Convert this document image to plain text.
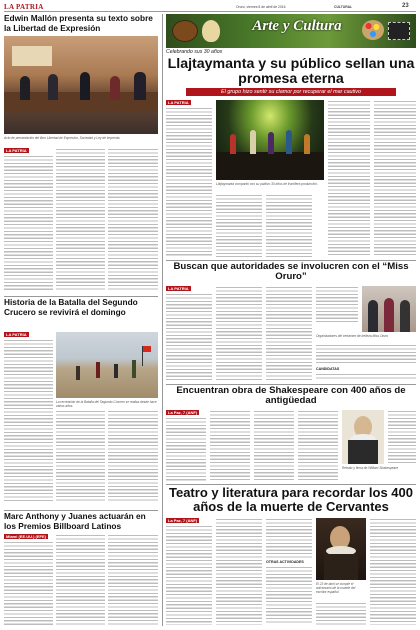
LA PATRIA	Oruro, viernes 8 de abril de 2016	CULTURAL	23
Edwin Mallón presenta su texto sobre la Libertad de Expresión
Acto de presentación del libro Libertad de Expresión, Sociedad y Ley de Imprenta.
LA PATRIA
Historia de la Batalla del Segundo Crucero se revivirá el domingo
LA PATRIA
La recreación de la Batalla del Segundo Crucero se realiza desde hace varios años.
Marc Anthony y Juanes actuarán en los Premios Billboard Latinos
Miami (EE.UU.) (EFE)
Arte y Cultura
Celebrando sus 30 años
Llajtaymanta y su público sellan una promesa eterna
El grupo hizo sentir su clamor por recuperar el mar cautivo
LA PATRIA
Llajtaymanta compartió con su público 30 años de fructífera producción.
Buscan que autoridades se involucren con el “Miss Oruro”
LA PATRIA
Organizadores del certamen de belleza Miss Oruro
CANDIDATAS
Encuentran obra de Shakespeare con 400 años de antigüedad
La Paz, 7 (ANF)
Retrato y firma de William Shakespeare
Teatro y literatura para recordar los 400 años de la muerte de Cervantes
La Paz, 7 (ANF)
OTRAS ACTIVIDADES
El 23 de abril se cumple el aniversario de la muerte del escritor español.
